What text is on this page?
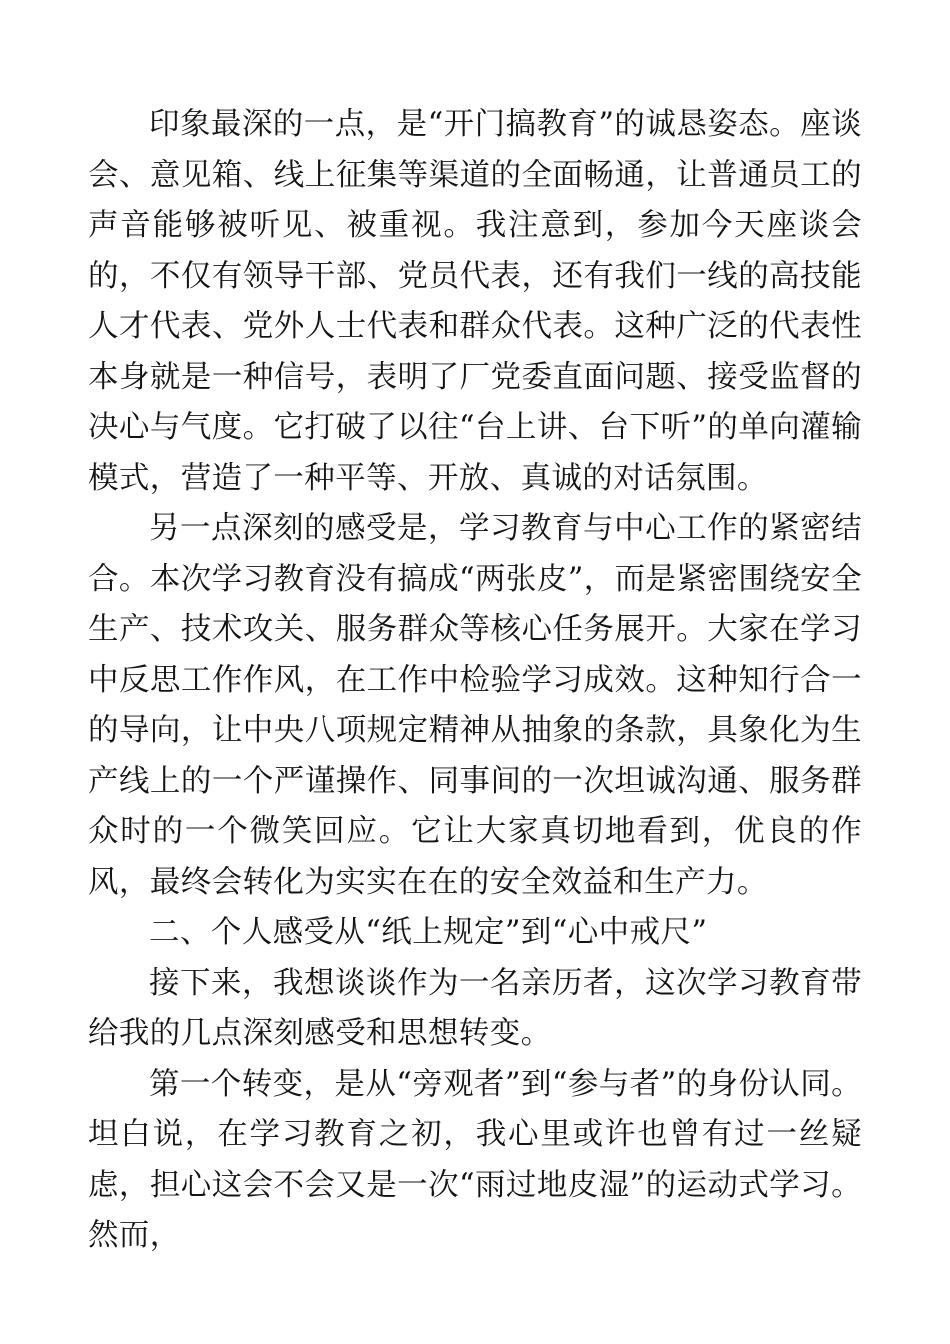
印象最深的一点，是“开门搞教育”的诚恳姿态。座谈会、意见箱、线上征集等渠道的全面畅通，让普通员工的声音能够被听见、被重视。我注意到，参加今天座谈会的，不仅有领导干部、党员代表，还有我们一线的高技能人才代表、党外人士代表和群众代表。这种广泛的代表性本身就是一种信号，表明了厂党委直面问题、接受监督的决心与气度。它打破了以往“台上讲、台下听”的单向灌输模式，营造了一种平等、开放、真诚的对话氛围。

另一点深刻的感受是，学习教育与中心工作的紧密结合。本次学习教育没有搞成“两张皮”，而是紧密围绕安全生产、技术攻关、服务群众等核心任务展开。大家在学习中反思工作作风，在工作中检验学习成效。这种知行合一的导向，让中央八项规定精神从抽象的条款，具象化为生产线上的一个严谨操作、同事间的一次坦诚沟通、服务群众时的一个微笑回应。它让大家真切地看到，优良的作风，最终会转化为实实在在的安全效益和生产力。

二、个人感受从“纸上规定”到“心中戒尺”

接下来，我想谈谈作为一名亲历者，这次学习教育带给我的几点深刻感受和思想转变。

第一个转变，是从“旁观者”到“参与者”的身份认同。坦白说，在学习教育之初，我心里或许也曾有过一丝疑虑，担心这会不会又是一次“雨过地皮湿”的运动式学习。然而，
